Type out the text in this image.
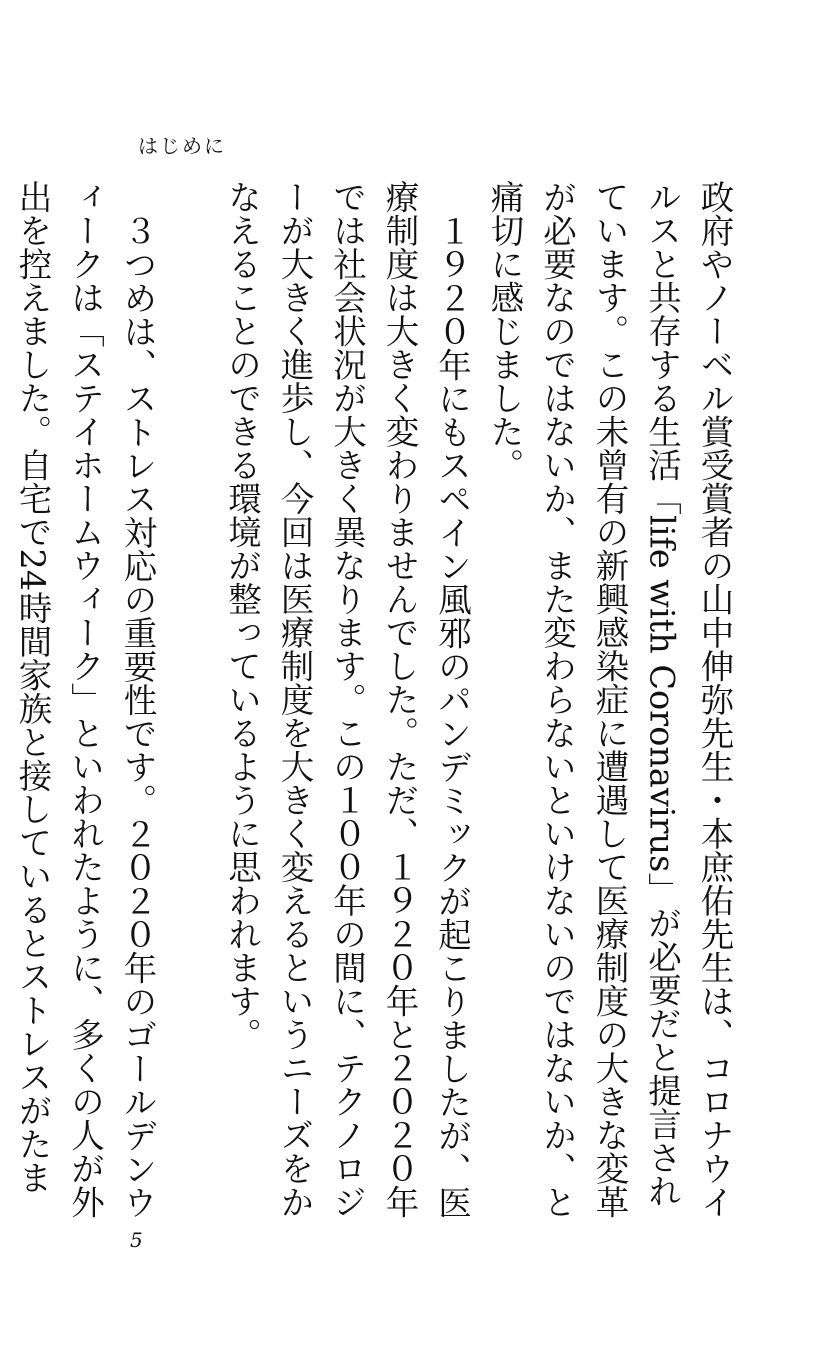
はじめに

政府やノーベル賞受賞者の山中伸弥先生・本庶佑先生は、コロナウイルスと共存する生活「life with Coronavirus」が必要だと提言されています。この未曾有の新興感染症に遭遇して医療制度の大きな変革が必要なのではないか、また変わらないといけないのではないか、と痛切に感じました。

１９２０年にもスペイン風邪のパンデミックが起こりましたが、医療制度は大きく変わりませんでした。ただ、１９２０年と２０２０年では社会状況が大きく異なります。この１００年の間に、テクノロジーが大きく進歩し、今回は医療制度を大きく変えるというニーズをかなえることのできる環境が整っているように思われます。

３つめは、ストレス対応の重要性です。２０２０年のゴールデンウィークは「ステイホームウィーク」といわれたように、多くの人が外出を控えました。自宅で24時間家族と接しているとストレスがたま

5
